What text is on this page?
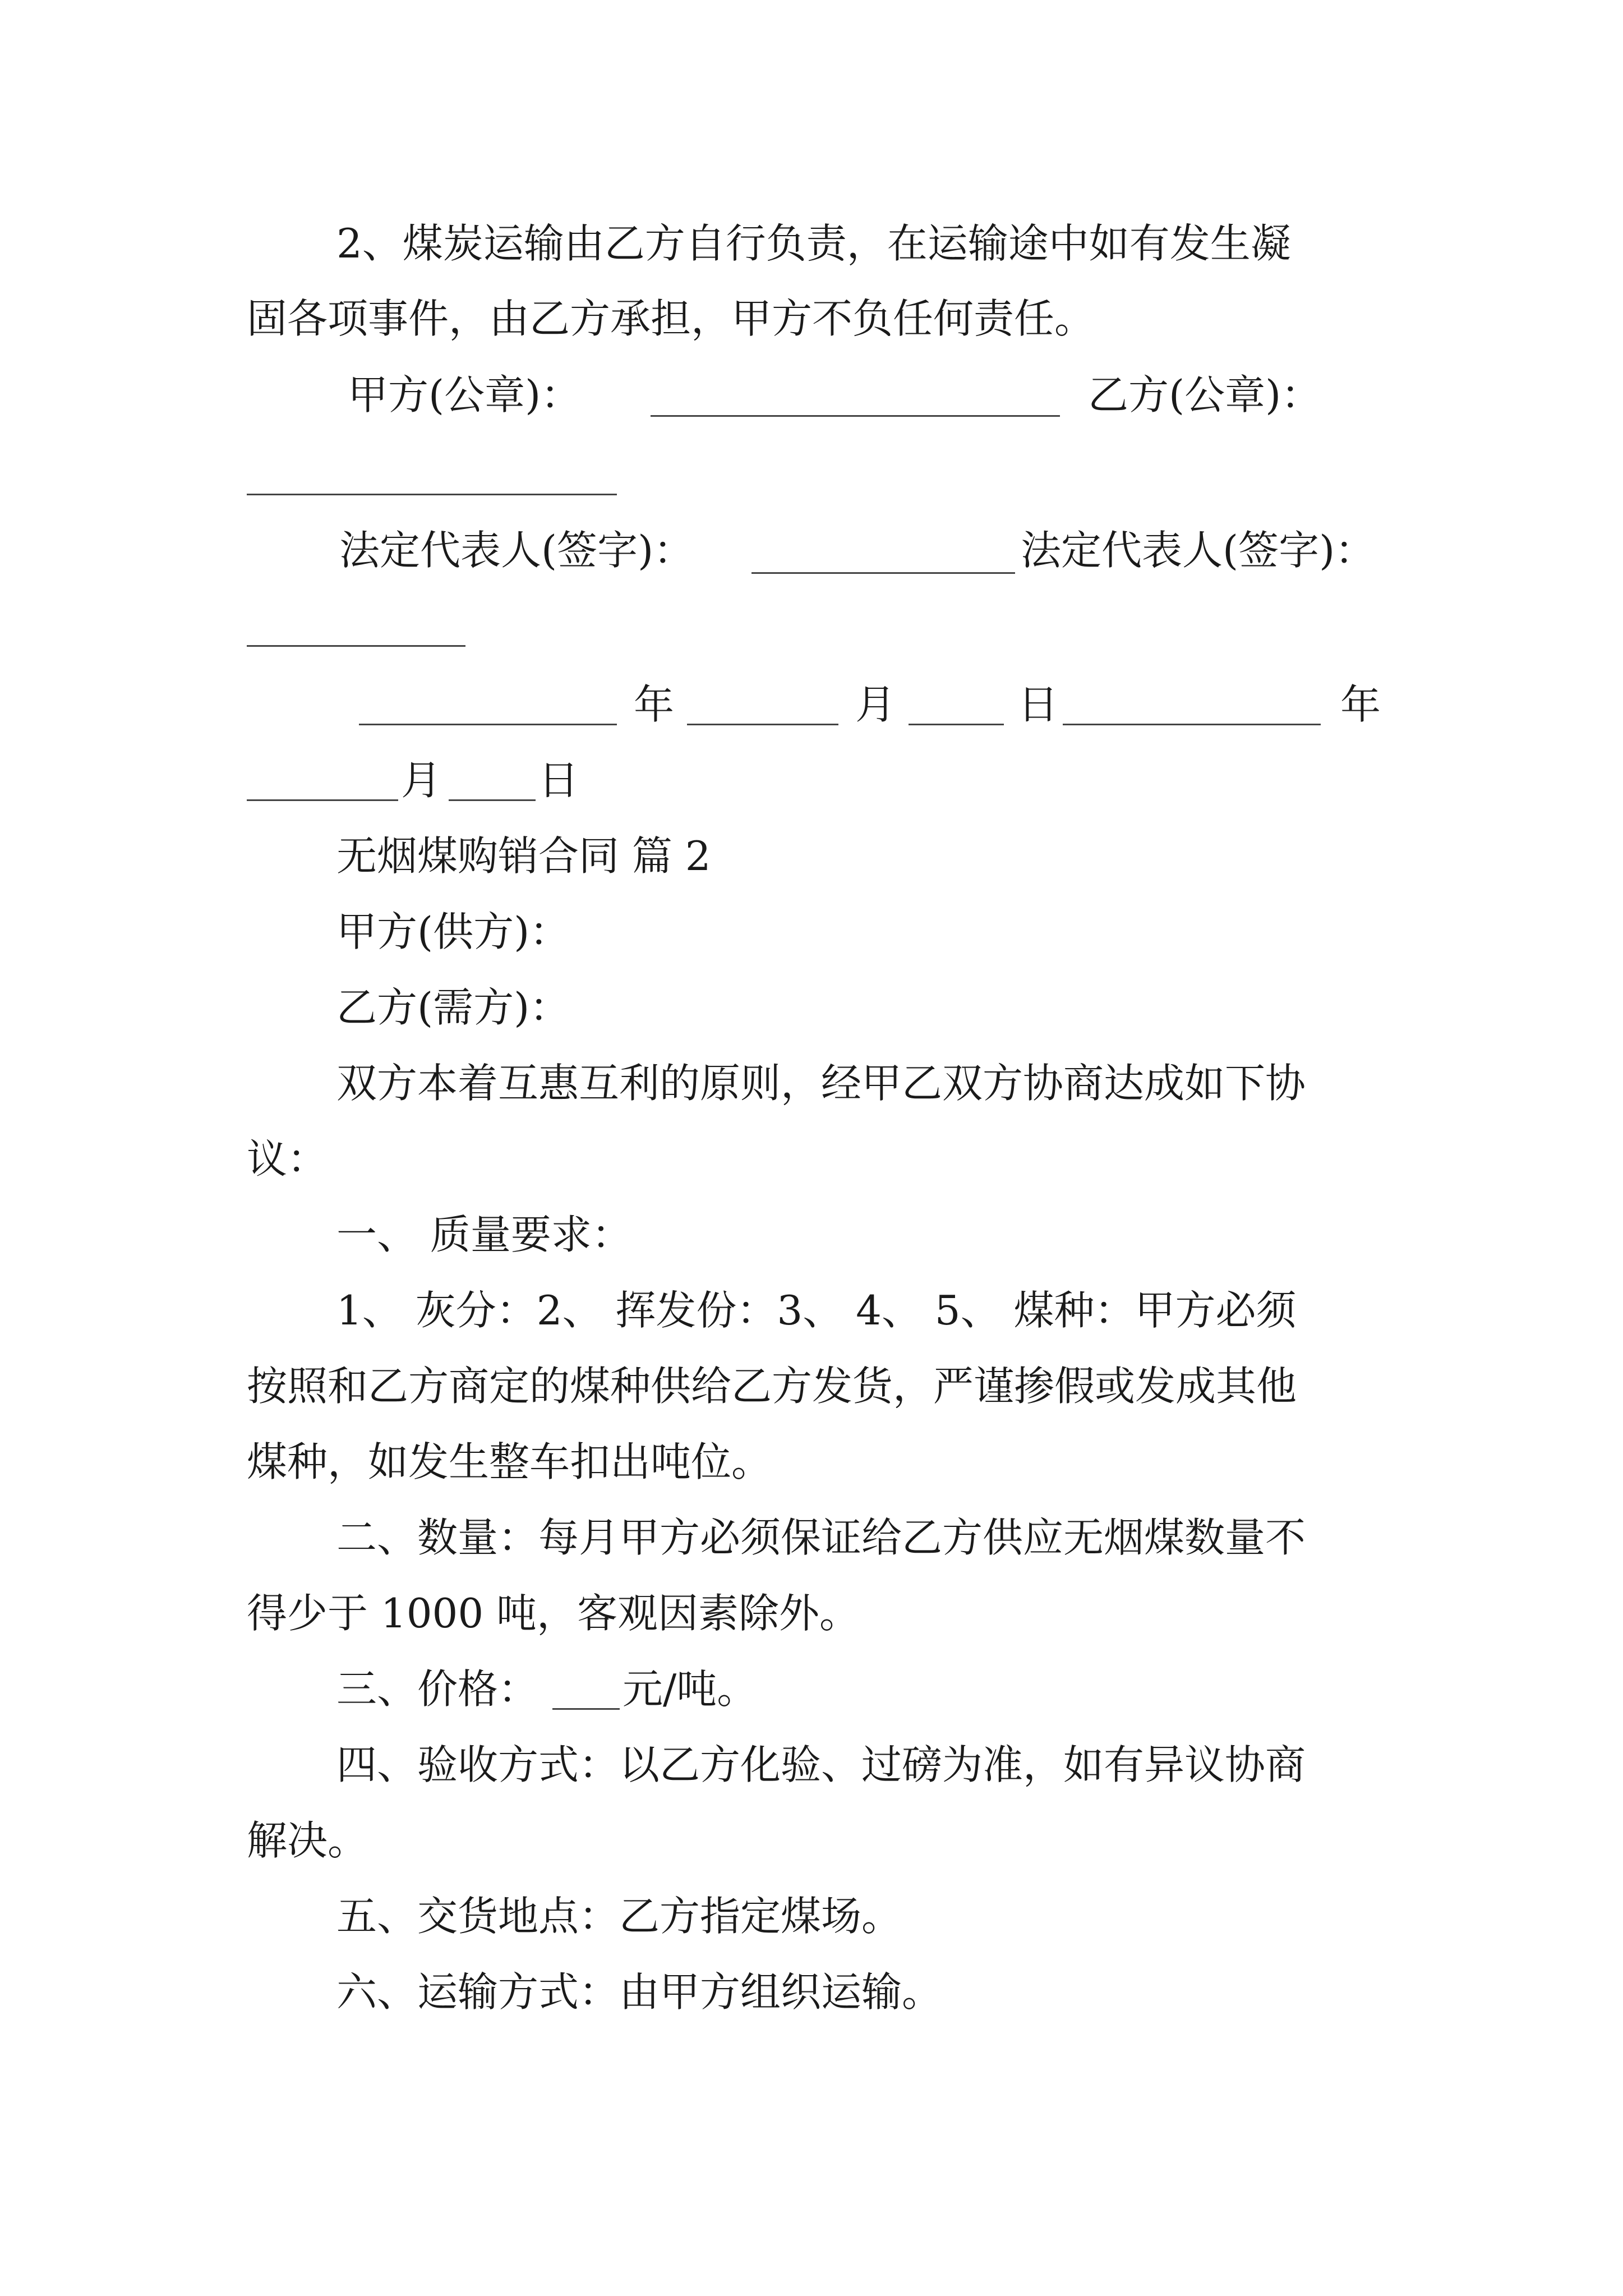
2、煤炭运输由乙方自行负责，在运输途中如有发生凝
固各项事件，由乙方承担，甲方不负任何责任。
甲方(公章)：	乙方(公章)：
法定代表人(签字)：	法定代表人(签字)：
年	月	日	年
月 日
无烟煤购销合同 篇 2
甲方(供方)：
乙方(需方)：
双方本着互惠互利的原则，经甲乙双方协商达成如下协
议：
一、 质量要求：
1、 灰分：2、 挥发份：3、 4、 5、 煤种：甲方必须
按照和乙方商定的煤种供给乙方发货，严谨掺假或发成其他
煤种，如发生整车扣出吨位。
二、数量：每月甲方必须保证给乙方供应无烟煤数量不
得少于 1000 吨，客观因素除外。
三、价格： 元/吨。
四、验收方式：以乙方化验、过磅为准，如有异议协商
解决。
五、交货地点：乙方指定煤场。
六、运输方式：由甲方组织运输。
